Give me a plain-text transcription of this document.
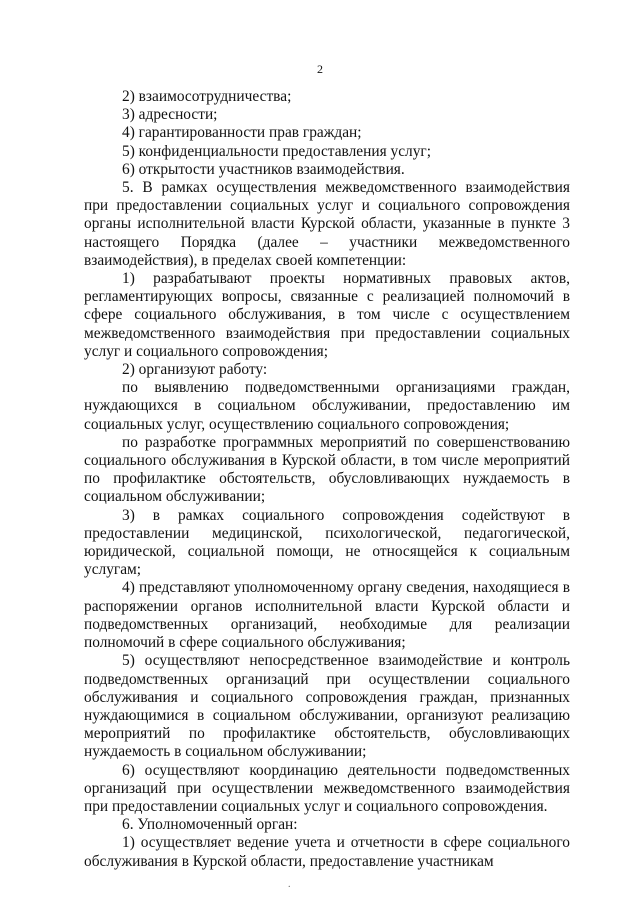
2

2) взаимосотрудничества;

3) адресности;

4) гарантированности прав граждан;

5) конфиденциальности предоставления услуг;

6) открытости участников взаимодействия.

5. В рамках осуществления межведомственного взаимодействия при предоставлении социальных услуг и социального сопровождения органы исполнительной власти Курской области, указанные в пункте 3 настоящего Порядка (далее – участники межведомственного взаимодействия), в пределах своей компетенции:

1) разрабатывают проекты нормативных правовых актов, регламентирующих вопросы, связанные с реализацией полномочий в сфере социального обслуживания, в том числе с осуществлением межведомственного взаимодействия при предоставлении социальных услуг и социального сопровождения;

2) организуют работу:

по выявлению подведомственными организациями граждан, нуждающихся в социальном обслуживании, предоставлению им социальных услуг, осуществлению социального сопровождения;

по разработке программных мероприятий по совершенствованию социального обслуживания в Курской области, в том числе мероприятий по профилактике обстоятельств, обусловливающих нуждаемость в социальном обслуживании;

3) в рамках социального сопровождения содействуют в предоставлении медицинской, психологической, педагогической, юридической, социальной помощи, не относящейся к социальным услугам;

4) представляют уполномоченному органу сведения, находящиеся в распоряжении органов исполнительной власти Курской области и подведомственных организаций, необходимые для реализации полномочий в сфере социального обслуживания;

5) осуществляют непосредственное взаимодействие и контроль подведомственных организаций при осуществлении социального обслуживания и социального сопровождения граждан, признанных нуждающимися в социальном обслуживании, организуют реализацию мероприятий по профилактике обстоятельств, обусловливающих нуждаемость в социальном обслуживании;

6) осуществляют координацию деятельности подведомственных организаций при осуществлении межведомственного взаимодействия при предоставлении социальных услуг и социального сопровождения.

6. Уполномоченный орган:

1) осуществляет ведение учета и отчетности в сфере социального обслуживания в Курской области, предоставление участникам

.
